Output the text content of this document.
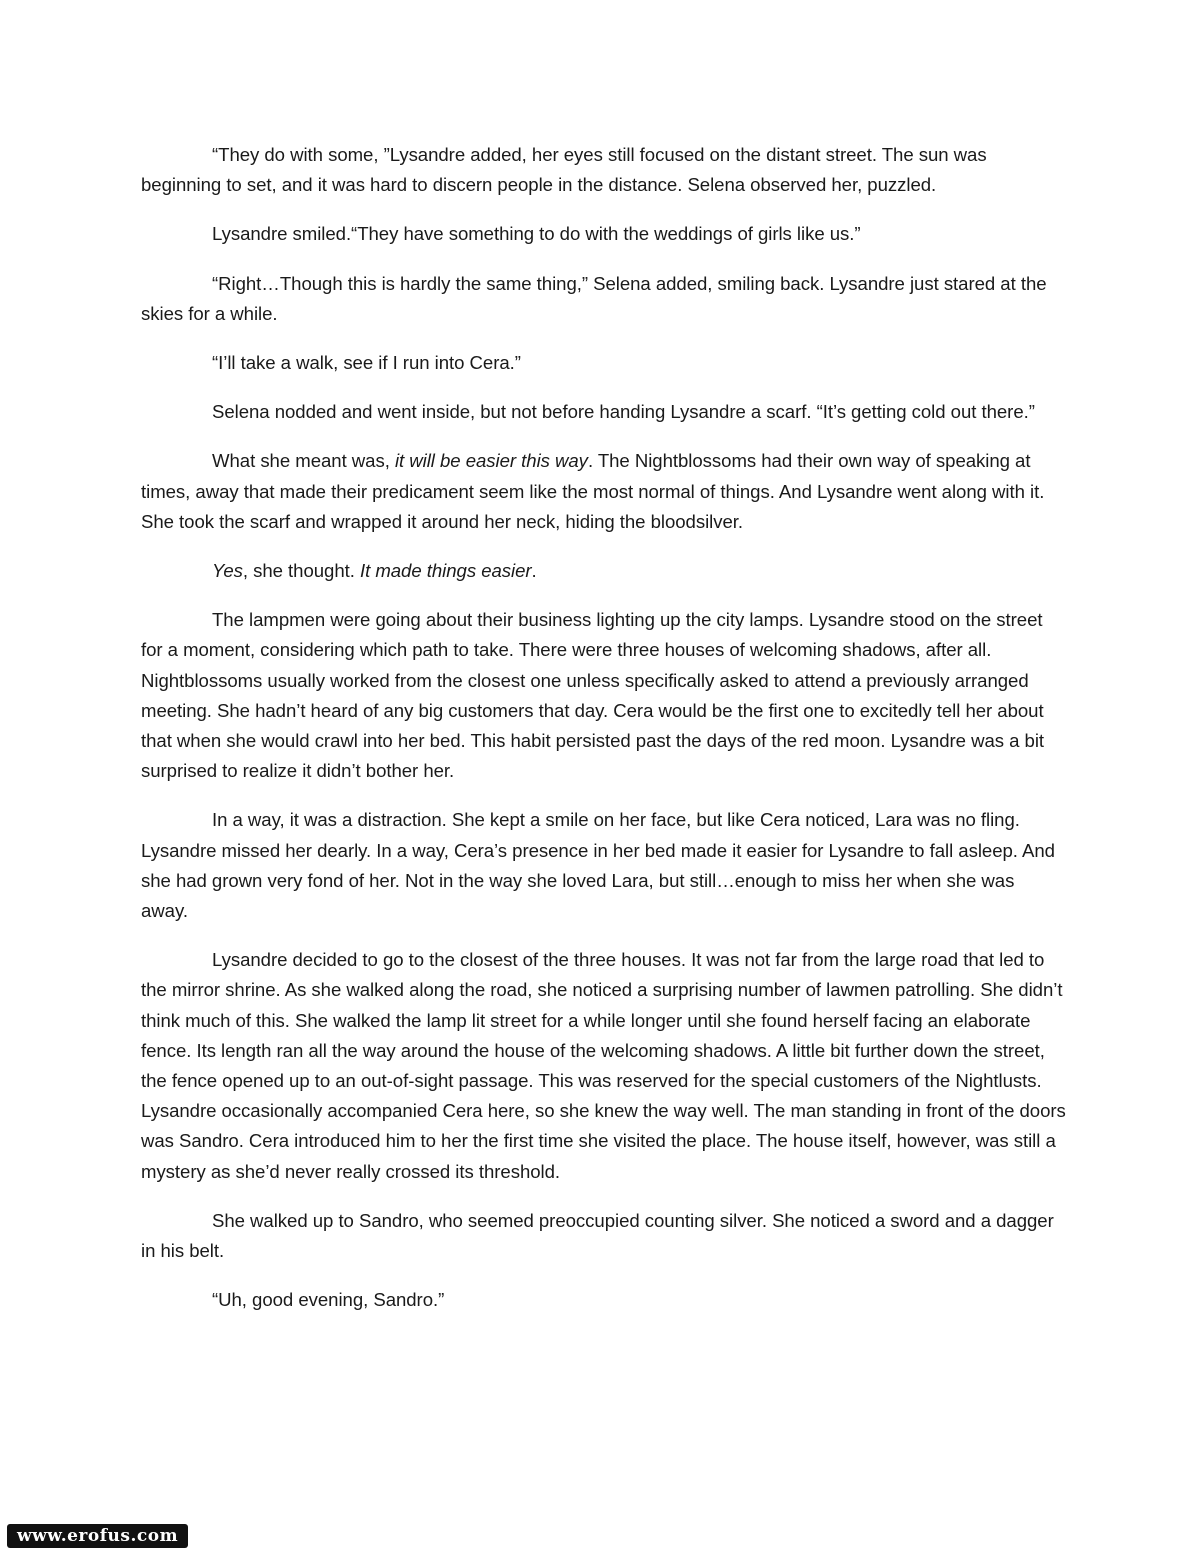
“They do with some, ”Lysandre added, her eyes still focused on the distant street. The sun was beginning to set, and it was hard to discern people in the distance. Selena observed her, puzzled.

Lysandre smiled.“They have something to do with the weddings of girls like us.”

“Right…Though this is hardly the same thing,” Selena added, smiling back. Lysandre just stared at the skies for a while.

“I’ll take a walk, see if I run into Cera.”

Selena nodded and went inside, but not before handing Lysandre a scarf. “It’s getting cold out there.”

What she meant was, it will be easier this way. The Nightblossoms had their own way of speaking at times, away that made their predicament seem like the most normal of things. And Lysandre went along with it. She took the scarf and wrapped it around her neck, hiding the bloodsilver.

Yes, she thought. It made things easier.

The lampmen were going about their business lighting up the city lamps. Lysandre stood on the street for a moment, considering which path to take. There were three houses of welcoming shadows, after all. Nightblossoms usually worked from the closest one unless specifically asked to attend a previously arranged meeting. She hadn’t heard of any big customers that day. Cera would be the first one to excitedly tell her about that when she would crawl into her bed. This habit persisted past the days of the red moon. Lysandre was a bit surprised to realize it didn’t bother her.

In a way, it was a distraction. She kept a smile on her face, but like Cera noticed, Lara was no fling. Lysandre missed her dearly. In a way, Cera’s presence in her bed made it easier for Lysandre to fall asleep. And she had grown very fond of her. Not in the way she loved Lara, but still…enough to miss her when she was away.

Lysandre decided to go to the closest of the three houses. It was not far from the large road that led to the mirror shrine. As she walked along the road, she noticed a surprising number of lawmen patrolling. She didn’t think much of this. She walked the lamp lit street for a while longer until she found herself facing an elaborate fence. Its length ran all the way around the house of the welcoming shadows. A little bit further down the street, the fence opened up to an out-of-sight passage. This was reserved for the special customers of the Nightlusts. Lysandre occasionally accompanied Cera here, so she knew the way well. The man standing in front of the doors was Sandro. Cera introduced him to her the first time she visited the place. The house itself, however, was still a mystery as she’d never really crossed its threshold.

She walked up to Sandro, who seemed preoccupied counting silver. She noticed a sword and a dagger in his belt.

“Uh, good evening, Sandro.”

www.erofus.com
